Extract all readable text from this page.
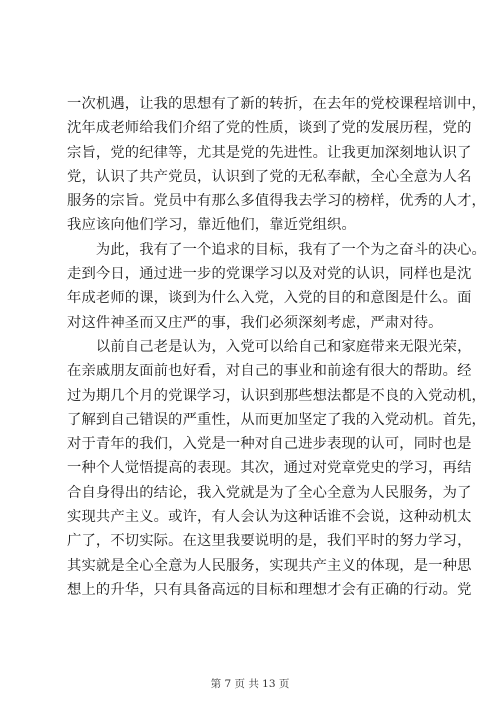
一次机遇，让我的思想有了新的转折，在去年的党校课程培训中，
沈年成老师给我们介绍了党的性质，谈到了党的发展历程，党的
宗旨，党的纪律等，尤其是党的先进性。让我更加深刻地认识了
党，认识了共产党员，认识到了党的无私奉献，全心全意为人名
服务的宗旨。党员中有那么多值得我去学习的榜样，优秀的人才，
我应该向他们学习，靠近他们，靠近党组织。
　　为此，我有了一个追求的目标，我有了一个为之奋斗的决心。
走到今日，通过进一步的党课学习以及对党的认识，同样也是沈
年成老师的课，谈到为什么入党，入党的目的和意图是什么。面
对这件神圣而又庄严的事，我们必须深刻考虑，严肃对待。
　　以前自己老是认为，入党可以给自己和家庭带来无限光荣，
在亲戚朋友面前也好看，对自己的事业和前途有很大的帮助。经
过为期几个月的党课学习，认识到那些想法都是不良的入党动机，
了解到自己错误的严重性，从而更加坚定了我的入党动机。首先，
对于青年的我们，入党是一种对自己进步表现的认可，同时也是
一种个人觉悟提高的表现。其次，通过对党章党史的学习，再结
合自身得出的结论，我入党就是为了全心全意为人民服务，为了
实现共产主义。或许，有人会认为这种话谁不会说，这种动机太
广了，不切实际。在这里我要说明的是，我们平时的努力学习，
其实就是全心全意为人民服务，实现共产主义的体现，是一种思
想上的升华，只有具备高远的目标和理想才会有正确的行动。党
第 7 页 共 13 页
